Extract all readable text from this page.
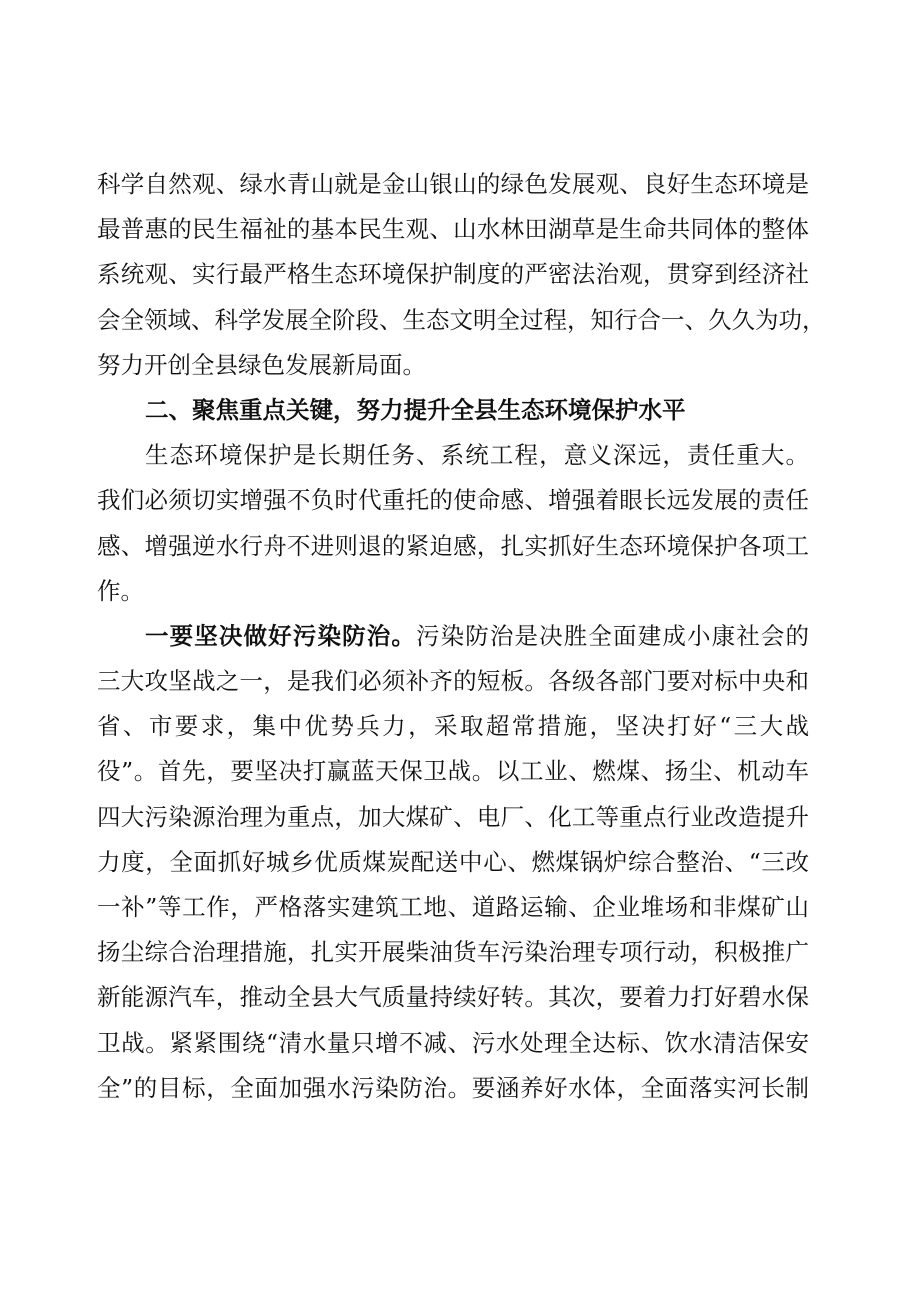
科学自然观、绿水青山就是金山银山的绿色发展观、良好生态环境是
最普惠的民生福祉的基本民生观、山水林田湖草是生命共同体的整体
系统观、实行最严格生态环境保护制度的严密法治观，贯穿到经济社
会全领域、科学发展全阶段、生态文明全过程，知行合一、久久为功，
努力开创全县绿色发展新局面。
二、聚焦重点关键，努力提升全县生态环境保护水平
生态环境保护是长期任务、系统工程，意义深远，责任重大。
我们必须切实增强不负时代重托的使命感、增强着眼长远发展的责任
感、增强逆水行舟不进则退的紧迫感，扎实抓好生态环境保护各项工
作。
一要坚决做好污染防治。污染防治是决胜全面建成小康社会的
三大攻坚战之一，是我们必须补齐的短板。各级各部门要对标中央和
省、市要求，集中优势兵力，采取超常措施，坚决打好“三大战
役”。首先，要坚决打赢蓝天保卫战。以工业、燃煤、扬尘、机动车
四大污染源治理为重点，加大煤矿、电厂、化工等重点行业改造提升
力度，全面抓好城乡优质煤炭配送中心、燃煤锅炉综合整治、“三改
一补”等工作，严格落实建筑工地、道路运输、企业堆场和非煤矿山
扬尘综合治理措施，扎实开展柴油货车污染治理专项行动，积极推广
新能源汽车，推动全县大气质量持续好转。其次，要着力打好碧水保
卫战。紧紧围绕“清水量只增不减、污水处理全达标、饮水清洁保安
全”的目标，全面加强水污染防治。要涵养好水体，全面落实河长制
